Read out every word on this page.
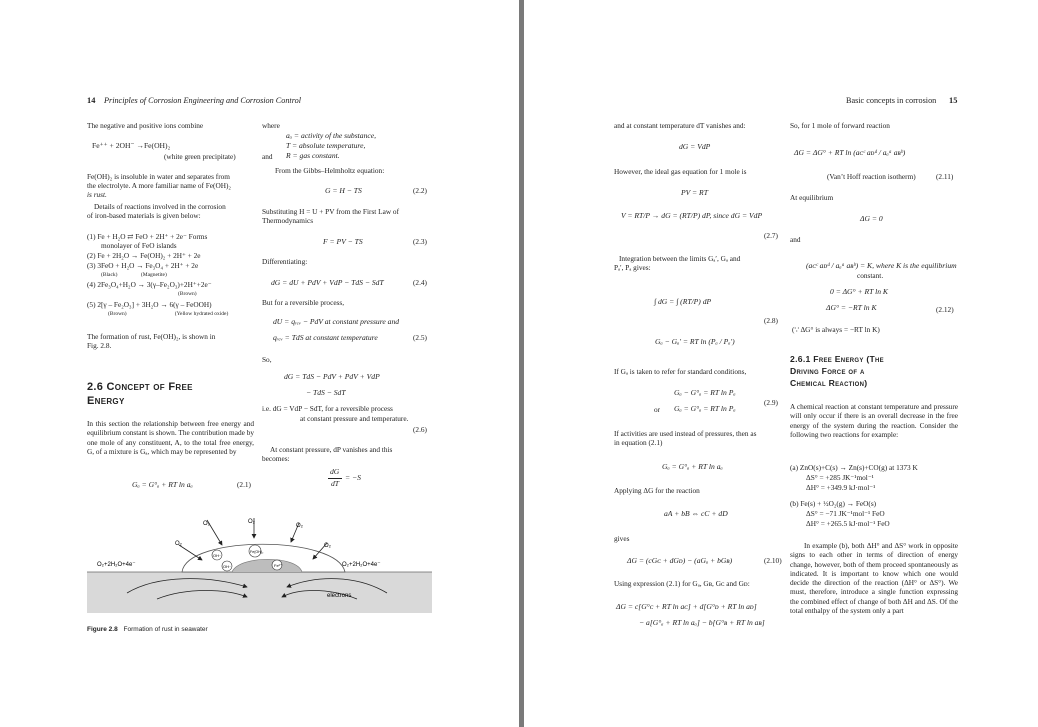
14 Principles of Corrosion Engineering and Corrosion Control
The negative and positive ions combine
Fe⁺⁺ + 2OH⁻ →Fe(OH)₂
(white green precipitate)
Fe(OH)₂ is insoluble in water and separates from
the electrolyte. A more familiar name of Fe(OH)₂
is rust.
Details of reactions involved in the corrosion
of iron-based materials is given below:
(1) Fe + H₂O ⇄ FeO + 2H⁺ + 2e⁻ Forms
monolayer of FeO islands
(2) Fe + 2H₂O → Fe(OH)₂ + 2H⁺ + 2e
(3) 3FeO + H₂O → Fe₃O₄ + 2H⁺ + 2e
(Black)                 (Magnetite)
(4) 2Fe₃O₄+H₂O → 3(γ–Fe₂O₃)+2H⁺+2e⁻
(Brown)
(5) 2[γ – Fe₂O₃] + 3H₂O → 6(γ – FeOOH)
(Brown)                                   (Yellow hydrated oxide)
The formation of rust, Fe(OH)₂, is shown in
Fig. 2.8.
2.6 Concept of Free
Energy
In this section the relationship between free energy and equilibrium constant is shown. The contribution made by one mole of any constituent, A, to the total free energy, G, of a mixture is Gₐ, which may be represented by
Gₐ = G°ₐ + RT ln aₐ	(2.1)
where
aₐ = activity of the substance,
T = absolute temperature,
and R = gas constant.
From the Gibbs–Helmholtz equation:
G = H − TS	(2.2)
Substituting H = U + PV from the First Law of
Thermodynamics
F = PV − TS	(2.3)
Differentiating:
dG = dU + PdV + VdP − TdS − SdT	(2.4)
But for a reversible process,
dU = qᵣₑᵥ − PdV at constant pressure and
qᵣₑᵥ = TdS at constant temperature	(2.5)
So,
dG = TdS − PdV + PdV + VdP
− TdS − SdT
i.e. dG = VdP − SdT, for a reversible process
at constant pressure and temperature.
(2.6)
At constant pressure, dP vanishes and this
becomes:
dG
dT
= −S
O₂	O₂
O₂
O₂	O₂
O₂+2H₂O+4e⁻	O₂+2H₂O+4e⁻
OH⁻
OH⁻
Fe(OH)₂
Fe²⁺
electrons
Figure 2.8 Formation of rust in seawater
Basic concepts in corrosion 15
and at constant temperature dT vanishes and:
dG = VdP
However, the ideal gas equation for 1 mole is
PV = RT
V = RT/P → dG = (RT/P) dP, since dG = VdP
(2.7)
Integration between the limits Gₐ′, Gₐ and
Pₐ′, Pₐ gives:
∫ dG = ∫ (RT/P) dP
(2.8)
Gₐ − Gₐ′ = RT ln (Pₐ / Pₐ′)
If Gₐ is taken to refer for standard conditions,
Gₐ − G°ₐ = RT ln Pₐ
(2.9)
or Gₐ = G°ₐ = RT ln Pₐ
If activities are used instead of pressures, then as
in equation (2.1)
Gₐ = G°ₐ + RT ln aₐ
Applying ΔG for the reaction
aA + bB ⇔ cC + dD
gives
ΔG = (cGᴄ + dGᴅ) − (aGₐ + bGʙ)	(2.10)
Using expression (2.1) for Gₐ, Gʙ, Gᴄ and Gᴅ:
ΔG = c[G°ᴄ + RT ln aᴄ] + d[G°ᴅ + RT ln aᴅ]
− a[G°ₐ + RT ln aₐ] − b[G°ʙ + RT ln aʙ]
So, for 1 mole of forward reaction
ΔG = ΔG° + RT ln (aᴄᶜ aᴅᵈ / aₐᵃ aʙᵇ)
(Van’t Hoff reaction isotherm)	(2.11)
At equilibrium
ΔG = 0
and
(aᴄᶜ aᴅᵈ / aₐᵃ aʙᵇ) = K, where K is the equilibrium
constant.
0 = ΔG° + RT ln K
ΔG° = −RT ln K	(2.12)
(∵ ΔG° is always = −RT ln K)
2.6.1 Free Energy (The
Driving Force of a
Chemical Reaction)
A chemical reaction at constant temperature and pressure will only occur if there is an overall decrease in the free energy of the system during the reaction. Consider the following two reactions for example:
(a) ZnO(s)+C(s) → Zn(s)+CO(g) at 1373 K
ΔS° = +285 JK⁻¹mol⁻¹
ΔH° = +349.9 kJ·mol⁻¹
(b) Fe(s) + ½O₂(g) → FeO(s)
ΔS° = −71 JK⁻¹mol⁻¹ FeO
ΔH° = +265.5 kJ·mol⁻¹ FeO
In example (b), both ΔH° and ΔS° work in opposite signs to each other in terms of direction of energy change, however, both of them proceed spontaneously as indicated. It is important to know which one would decide the direction of the reaction (ΔH° or ΔS°). We must, therefore, introduce a single function expressing the combined effect of change of both ΔH and ΔS. Of the total enthalpy of the system only a part
